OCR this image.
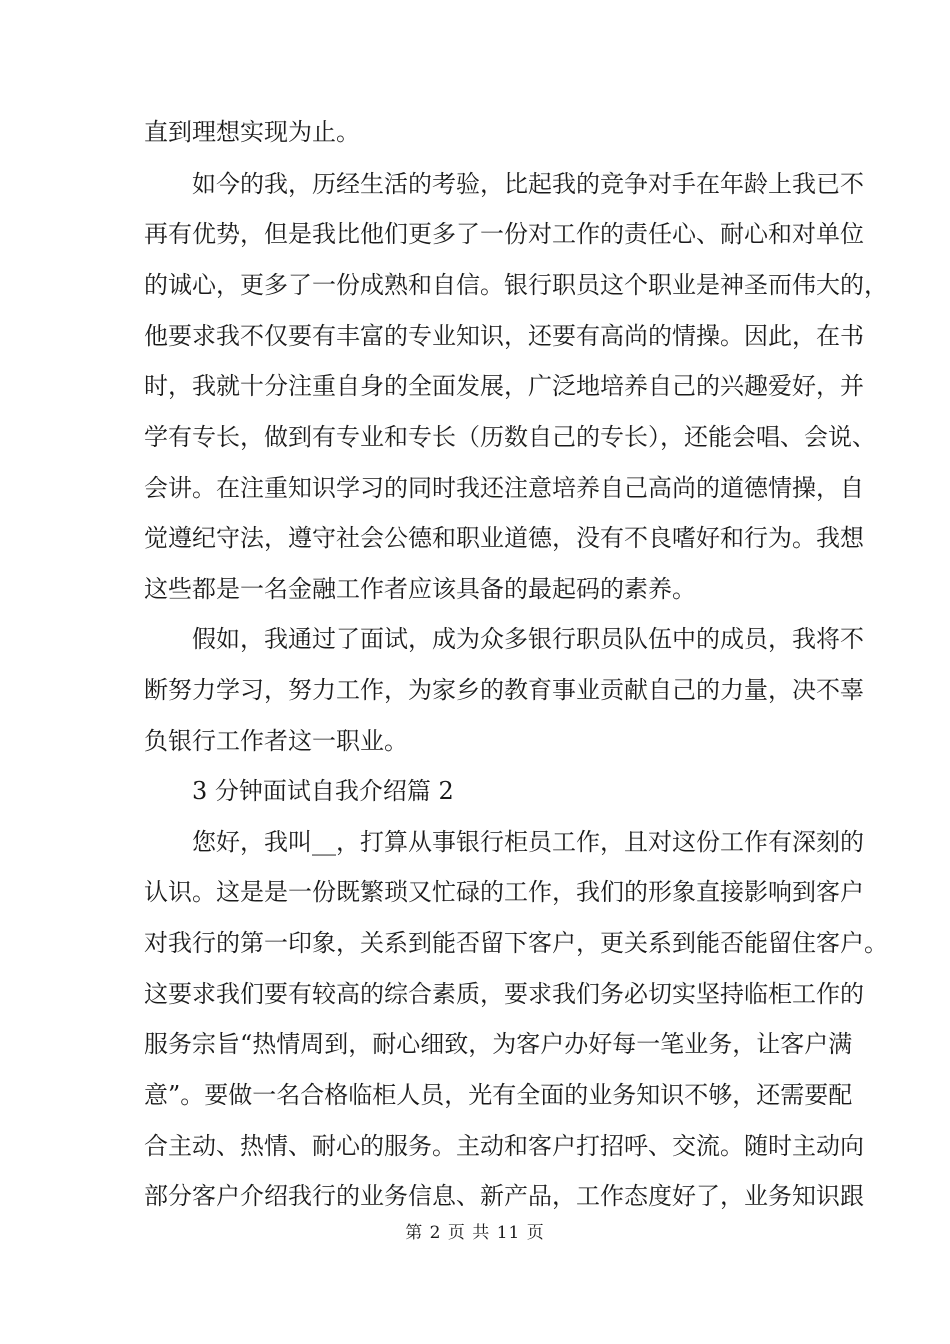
直到理想实现为止。
如今的我，历经生活的考验，比起我的竞争对手在年龄上我已不
再有优势，但是我比他们更多了一份对工作的责任心、耐心和对单位
的诚心，更多了一份成熟和自信。银行职员这个职业是神圣而伟大的，
他要求我不仅要有丰富的专业知识，还要有高尚的情操。因此，在书
时，我就十分注重自身的全面发展，广泛地培养自己的兴趣爱好，并
学有专长，做到有专业和专长（历数自己的专长），还能会唱、会说、
会讲。在注重知识学习的同时我还注意培养自己高尚的道德情操，自
觉遵纪守法，遵守社会公德和职业道德，没有不良嗜好和行为。我想
这些都是一名金融工作者应该具备的最起码的素养。
假如，我通过了面试，成为众多银行职员队伍中的成员，我将不
断努力学习，努力工作，为家乡的教育事业贡献自己的力量，决不辜
负银行工作者这一职业。
3 分钟面试自我介绍篇 2
您好，我叫__，打算从事银行柜员工作，且对这份工作有深刻的
认识。这是是一份既繁琐又忙碌的工作，我们的形象直接影响到客户
对我行的第一印象，关系到能否留下客户，更关系到能否能留住客户。
这要求我们要有较高的综合素质，要求我们务必切实坚持临柜工作的
服务宗旨“热情周到，耐心细致，为客户办好每一笔业务，让客户满
意”。要做一名合格临柜人员，光有全面的业务知识不够，还需要配
合主动、热情、耐心的服务。主动和客户打招呼、交流。随时主动向
部分客户介绍我行的业务信息、新产品，工作态度好了，业务知识跟
第 2 页 共 11 页
